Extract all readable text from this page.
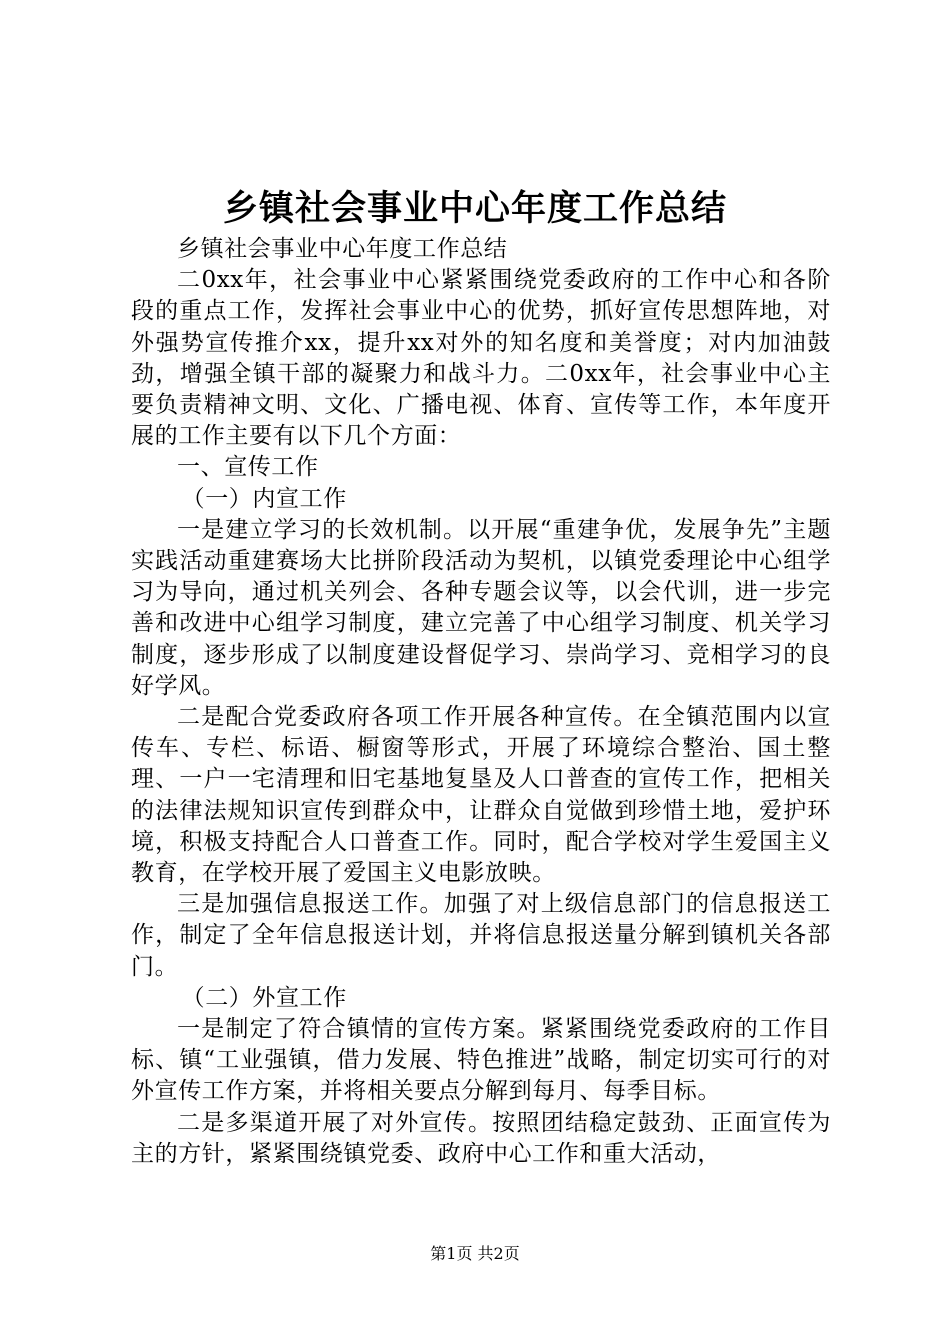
乡镇社会事业中心年度工作总结

乡镇社会事业中心年度工作总结

二0xx年，社会事业中心紧紧围绕党委政府的工作中心和各阶段的重点工作，发挥社会事业中心的优势，抓好宣传思想阵地，对外强势宣传推介xx，提升xx对外的知名度和美誉度；对内加油鼓劲，增强全镇干部的凝聚力和战斗力。二0xx年，社会事业中心主要负责精神文明、文化、广播电视、体育、宣传等工作，本年度开展的工作主要有以下几个方面：

一、宣传工作

（一）内宣工作

一是建立学习的长效机制。以开展“重建争优，发展争先”主题实践活动重建赛场大比拼阶段活动为契机，以镇党委理论中心组学习为导向，通过机关列会、各种专题会议等，以会代训，进一步完善和改进中心组学习制度，建立完善了中心组学习制度、机关学习制度，逐步形成了以制度建设督促学习、崇尚学习、竞相学习的良好学风。

二是配合党委政府各项工作开展各种宣传。在全镇范围内以宣传车、专栏、标语、橱窗等形式，开展了环境综合整治、国土整理、一户一宅清理和旧宅基地复垦及人口普查的宣传工作，把相关的法律法规知识宣传到群众中，让群众自觉做到珍惜土地，爱护环境，积极支持配合人口普查工作。同时，配合学校对学生爱国主义教育，在学校开展了爱国主义电影放映。

三是加强信息报送工作。加强了对上级信息部门的信息报送工作，制定了全年信息报送计划，并将信息报送量分解到镇机关各部门。

（二）外宣工作

一是制定了符合镇情的宣传方案。紧紧围绕党委政府的工作目标、镇“工业强镇，借力发展、特色推进”战略，制定切实可行的对外宣传工作方案，并将相关要点分解到每月、每季目标。

二是多渠道开展了对外宣传。按照团结稳定鼓劲、正面宣传为主的方针，紧紧围绕镇党委、政府中心工作和重大活动，

第1页 共2页
